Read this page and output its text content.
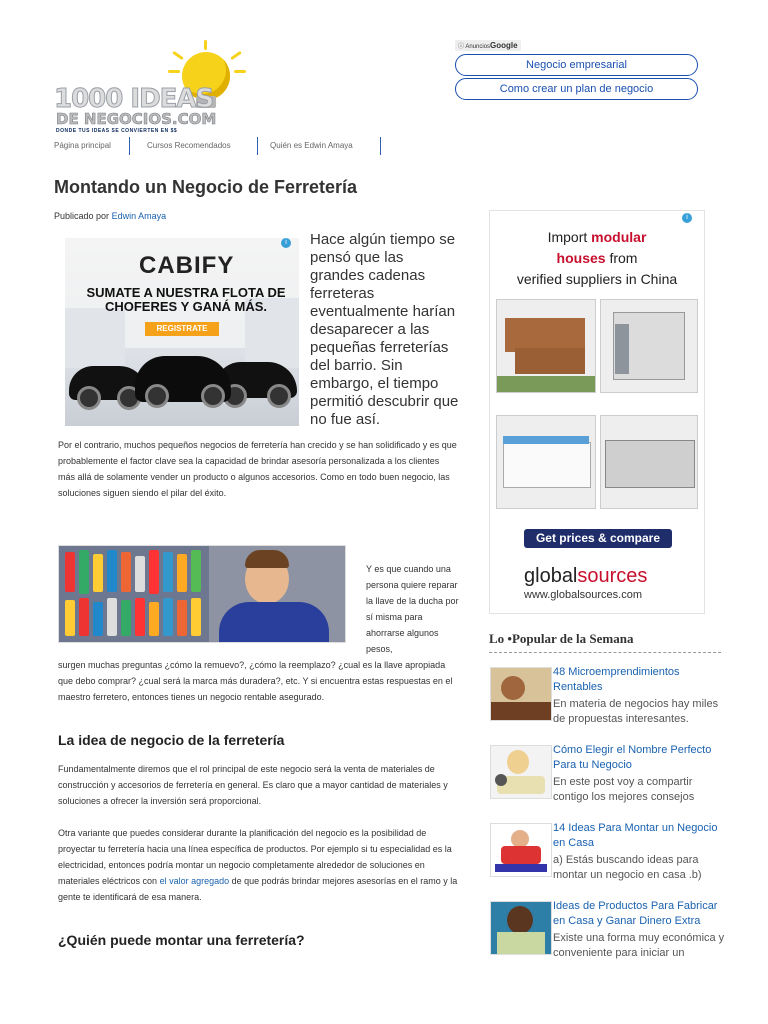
1000 IDEAS
DE NEGOCIOS.COM
DONDE TUS IDEAS SE CONVIERTEN EN $$
ⓘ AnunciosGoogle
Negocio empresarial
Como crear un plan de negocio
Página principal	Cursos Recomendados	Quién es Edwin Amaya
Montando un Negocio de Ferretería
Publicado por Edwin Amaya
CABIFY
SUMATE A NUESTRA FLOTA DE CHOFERES Y GANÁ MÁS.
REGISTRATE
i Hace algún tiempo se pensó que las grandes cadenas ferreteras eventualmente harían desaparecer a las pequeñas ferreterías del barrio. Sin embargo, el tiempo permitió descubrir que no fue así.
Por el contrario, muchos pequeños negocios de ferretería han crecido y se han solidificado y es que probablemente el factor clave sea la capacidad de brindar asesoría personalizada a los clientes más allá de solamente vender un producto o algunos accesorios. Como en todo buen negocio, las soluciones siguen siendo el pilar del éxito.
Y es que cuando una persona quiere reparar la llave de la ducha por sí misma para ahorrarse algunos pesos,
surgen muchas preguntas ¿cómo la remuevo?, ¿cómo la reemplazo? ¿cual es la llave apropiada que debo comprar? ¿cual será la marca más duradera?, etc. Y si encuentra estas respuestas en el maestro ferretero, entonces tienes un negocio rentable asegurado.
La idea de negocio de la ferretería
Fundamentalmente diremos que el rol principal de este negocio será la venta de materiales de construcción y accesorios de ferretería en general. Es claro que a mayor cantidad de materiales y soluciones a ofrecer la inversión será proporcional.
Otra variante que puedes considerar durante la planificación del negocio es la posibilidad de proyectar tu ferretería hacia una línea específica de productos. Por ejemplo si tu especialidad es la electricidad, entonces podría montar un negocio completamente alrededor de soluciones en materiales eléctricos con el valor agregado de que podrás brindar mejores asesorías en el ramo y la gente te identificará de esa manera.
¿Quién puede montar una ferretería?
i
Import modular
houses from
verified suppliers in China
Get prices & compare
globalsources
www.globalsources.com
Lo •Popular de la Semana
48 Microemprendimientos Rentables
En materia de negocios hay miles de propuestas interesantes.
Cómo Elegir el Nombre Perfecto Para tu Negocio
En este post voy a compartir contigo los mejores consejos
14 Ideas Para Montar un Negocio en Casa
a) Estás buscando ideas para montar un negocio en casa .b)
Ideas de Productos Para Fabricar en Casa y Ganar Dinero Extra
Existe una forma muy económica y conveniente para iniciar un
